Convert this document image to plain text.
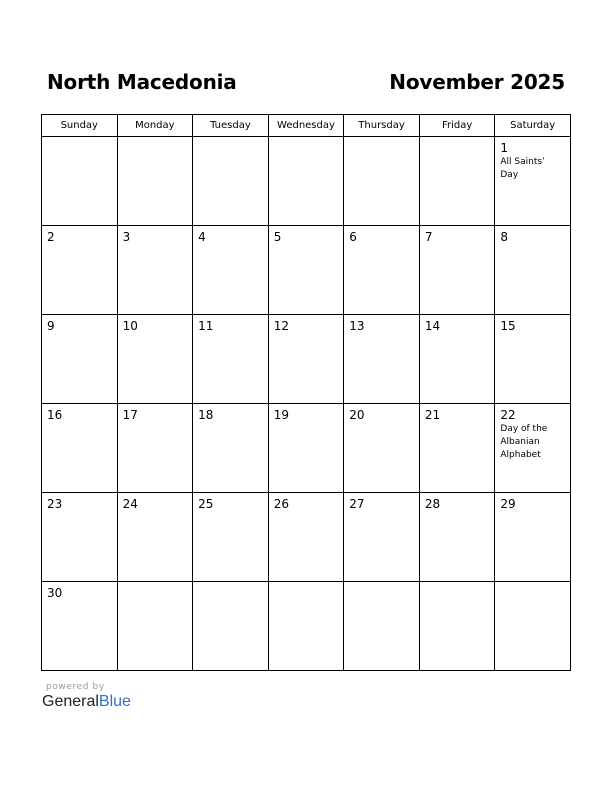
North Macedonia	November 2025
Sunday	Monday	Tuesday	Wednesday	Thursday	Friday	Saturday

						1
All Saints’ Day

2	3	4	5	6	7	8

9	10	11	12	13	14	15

16	17	18	19	20	21	22
Day of the Albanian Alphabet

23	24	25	26	27	28	29

30						

powered by
GeneralBlue
